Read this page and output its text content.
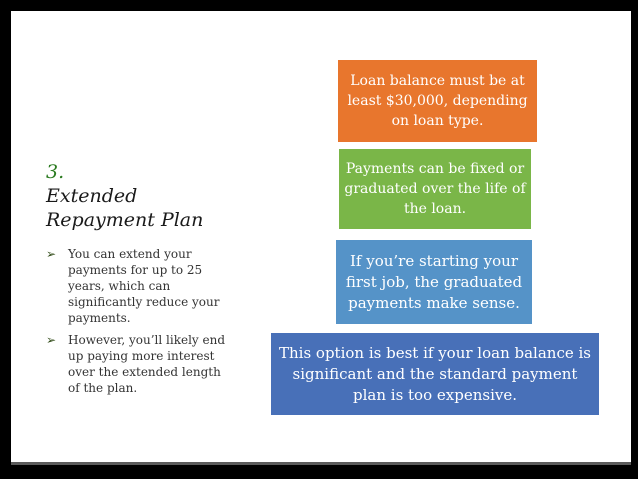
3.
Extended
Repayment Plan
➢ You can extend your payments for up to 25 years, which can significantly reduce your payments.
➢ However, you’ll likely end up paying more interest over the extended length of the plan.
Loan balance must be at least $30,000, depending on loan type.
Payments can be fixed or graduated over the life of the loan.
If you’re starting your first job, the graduated payments make sense.
This option is best if your loan balance is significant and the standard payment plan is too expensive.
